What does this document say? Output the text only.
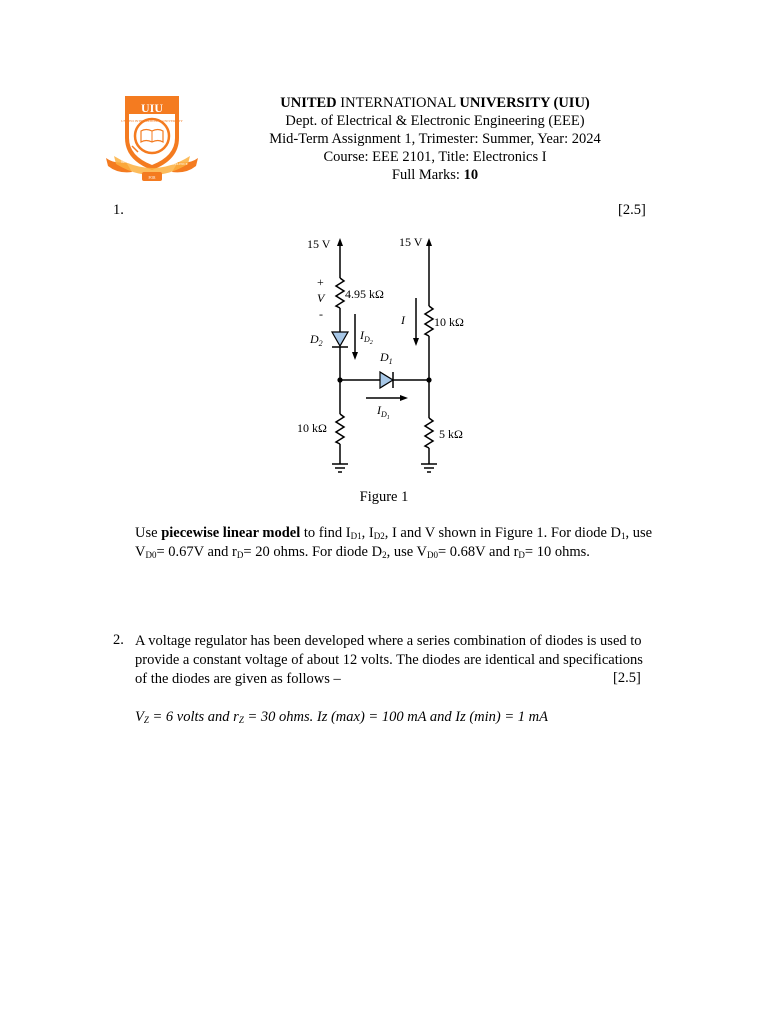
UIU
UNITED INTERNATIONAL UNIVERSITY
SEEK	EXCELLENCE
FOR
UNITED INTERNATIONAL UNIVERSITY (UIU)
Dept. of Electrical & Electronic Engineering (EEE)
Mid-Term Assignment 1, Trimester: Summer, Year: 2024
Course: EEE 2101, Title: Electronics I
Full Marks: 10
1.	[2.5]
15 V	15 V
+
V
-
4.95 kΩ
$D_2$
$I_D2$
I 10 kΩ
$D_1$
$I_D1$
10 kΩ	5 kΩ
Figure 1
Use piecewise linear model to find $I_{D1}$, $I_{D2}$, I and V shown in Figure 1. For diode $D_1$, use
$V_{D0}= 0.67V$ and $r_D= 20$ ohms. For diode $D_2$, use $V_{D0}= 0.68V$ and $r_D= 10$ ohms.
2. A voltage regulator has been developed where a series combination of diodes is used to
provide a constant voltage of about 12 volts. The diodes are identical and specifications
of the diodes are given as follows –	[2.5]
$V_Z = 6$ volts and $r_Z = 30$ ohms. Iz (max) = 100 mA and Iz (min) = 1 mA
